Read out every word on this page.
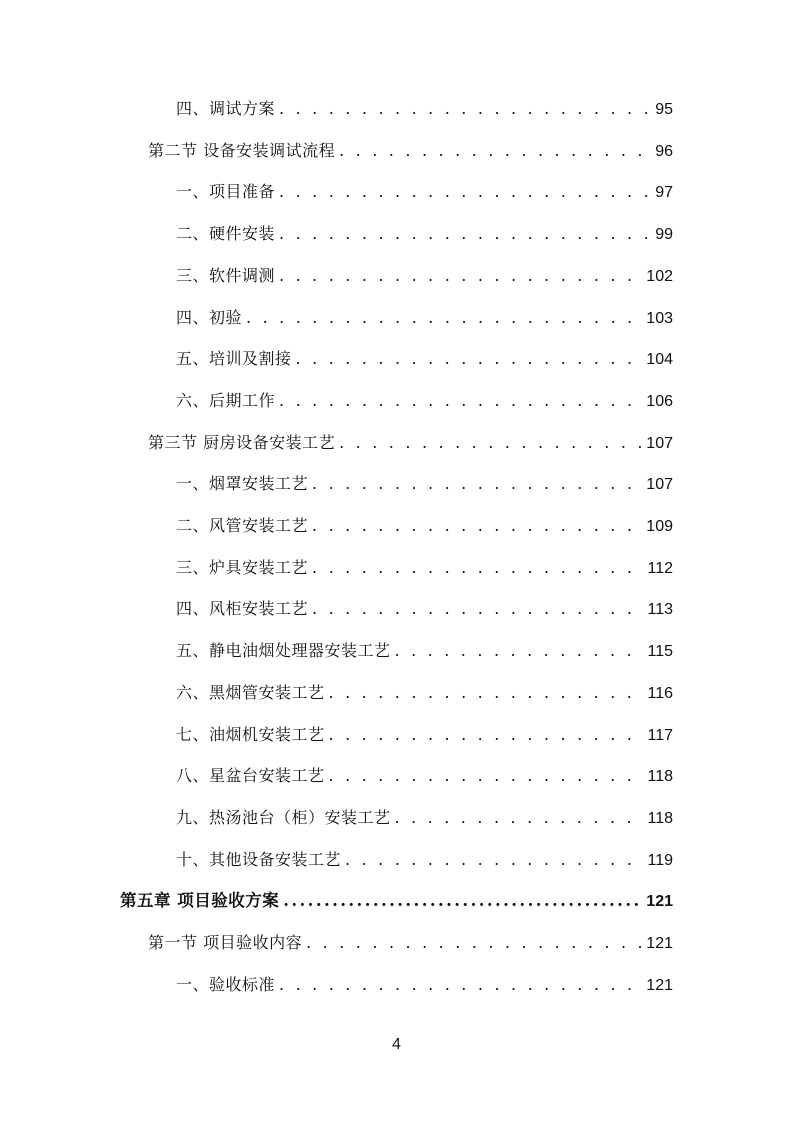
四、调试方案 . . .	95
第二节 设备安装调试流程 . . .	96
一、项目准备 . . .	97
二、硬件安装 . . .	99
三、软件调测 . . .	102
四、初验 . . .	103
五、培训及割接 . . .	104
六、后期工作 . . .	106
第三节 厨房设备安装工艺 . . .	107
一、烟罩安装工艺 . . .	107
二、风管安装工艺 . . .	109
三、炉具安装工艺 . . .	112
四、风柜安装工艺 . . .	113
五、静电油烟处理器安装工艺 . . .	115
六、黑烟管安装工艺 . . .	116
七、油烟机安装工艺 . . .	117
八、星盆台安装工艺 . . .	118
九、热汤池台（柜）安装工艺 . . .	118
十、其他设备安装工艺 . . .	119
第五章 项目验收方案 .....	121
第一节 项目验收内容 . . .	121
一、验收标准 . . .	121
4
